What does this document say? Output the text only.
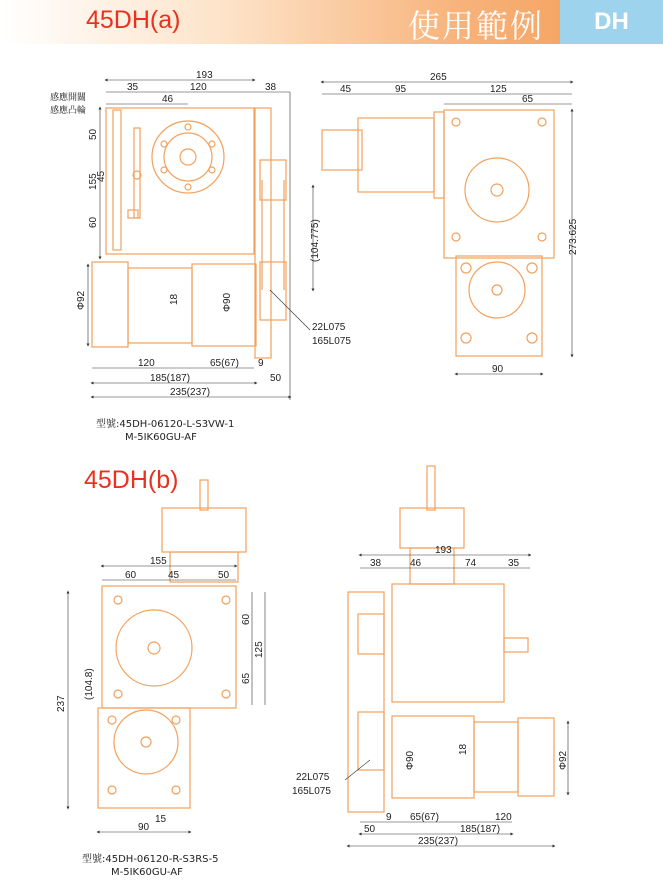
45DH(a)	使用範例	DH
193
35	120	38
46
155
50
45
60
Φ92	18	Φ90
(104.775)
120	65(67) 9
185(187)	50
235(237)
感應開關
感應凸輪
22L075
165L075
265
45	95	125
65
273.625
90
155
60	45	50
60
125
65
237
(104.8)
15
90
193
38	46	74	35
Φ90
18
Φ92
9 65(67)	120
50	185(187)
235(237)
22L075
165L075
型號:45DH-06120-L-S3VW-1
M-5IK60GU-AF
45DH(b)
型號:45DH-06120-R-S3RS-5
M-5IK60GU-AF
